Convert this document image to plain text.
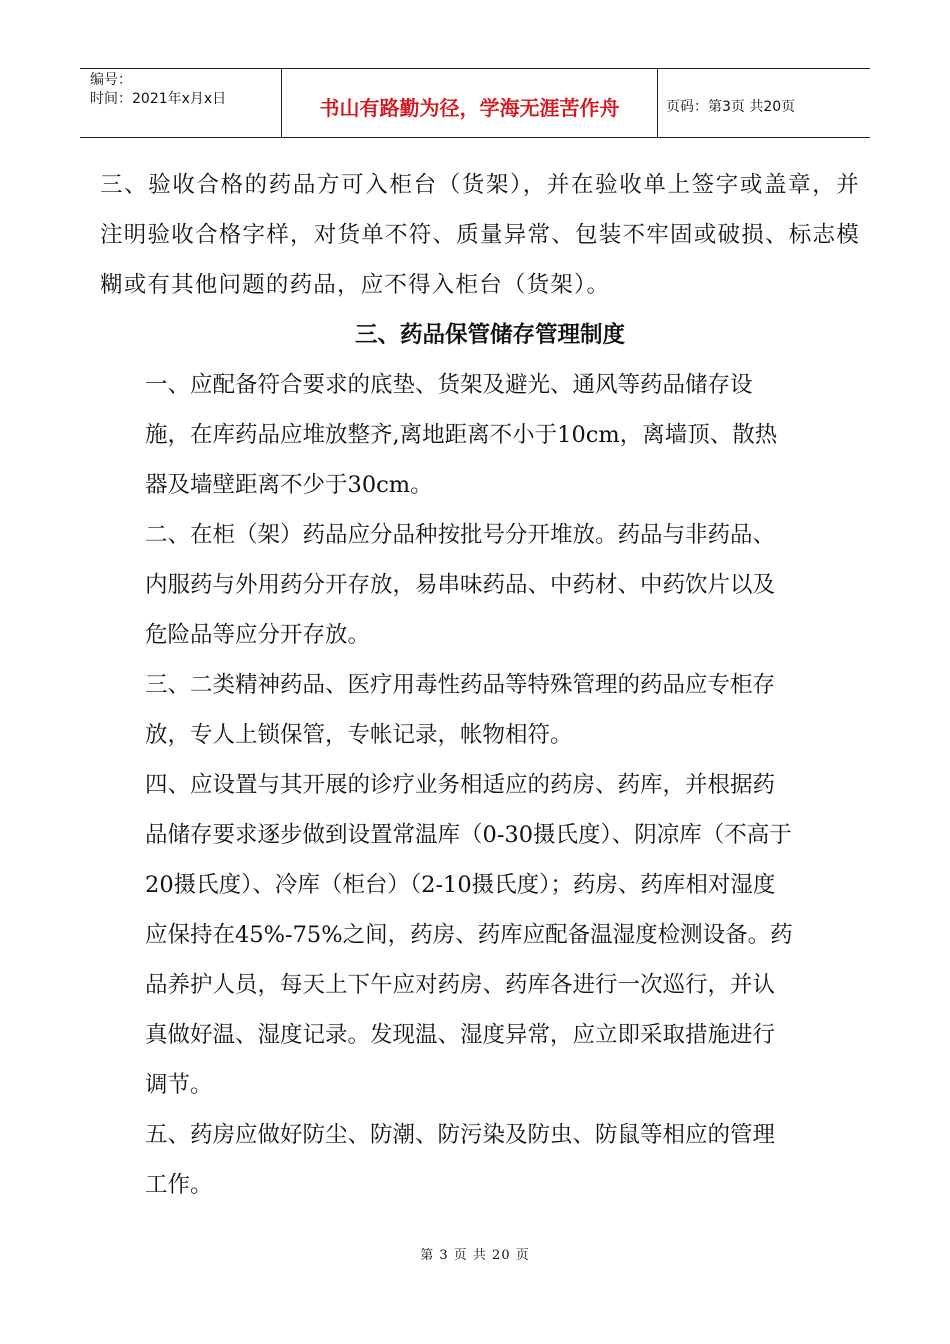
编号：
时间：2021年x月x日	书山有路勤为径，学海无涯苦作舟	页码：第3页 共20页

三、验收合格的药品方可入柜台（货架），并在验收单上签字或盖章，并注明验收合格字样，对货单不符、质量异常、包装不牢固或破损、标志模糊或有其他问题的药品，应不得入柜台（货架）。

三、药品保管储存管理制度

一、应配备符合要求的底垫、货架及避光、通风等药品储存设施，在库药品应堆放整齐,离地距离不小于10cm，离墙顶、散热器及墙壁距离不少于30cm。

二、在柜（架）药品应分品种按批号分开堆放。药品与非药品、内服药与外用药分开存放，易串味药品、中药材、中药饮片以及危险品等应分开存放。

三、二类精神药品、医疗用毒性药品等特殊管理的药品应专柜存放，专人上锁保管，专帐记录，帐物相符。

四、应设置与其开展的诊疗业务相适应的药房、药库，并根据药品储存要求逐步做到设置常温库（0-30摄氏度）、阴凉库（不高于20摄氏度）、冷库（柜台）（2-10摄氏度）；药房、药库相对湿度应保持在45%-75%之间，药房、药库应配备温湿度检测设备。药品养护人员，每天上下午应对药房、药库各进行一次巡行，并认真做好温、湿度记录。发现温、湿度异常，应立即采取措施进行调节。

五、药房应做好防尘、防潮、防污染及防虫、防鼠等相应的管理工作。

第 3 页 共 20 页
